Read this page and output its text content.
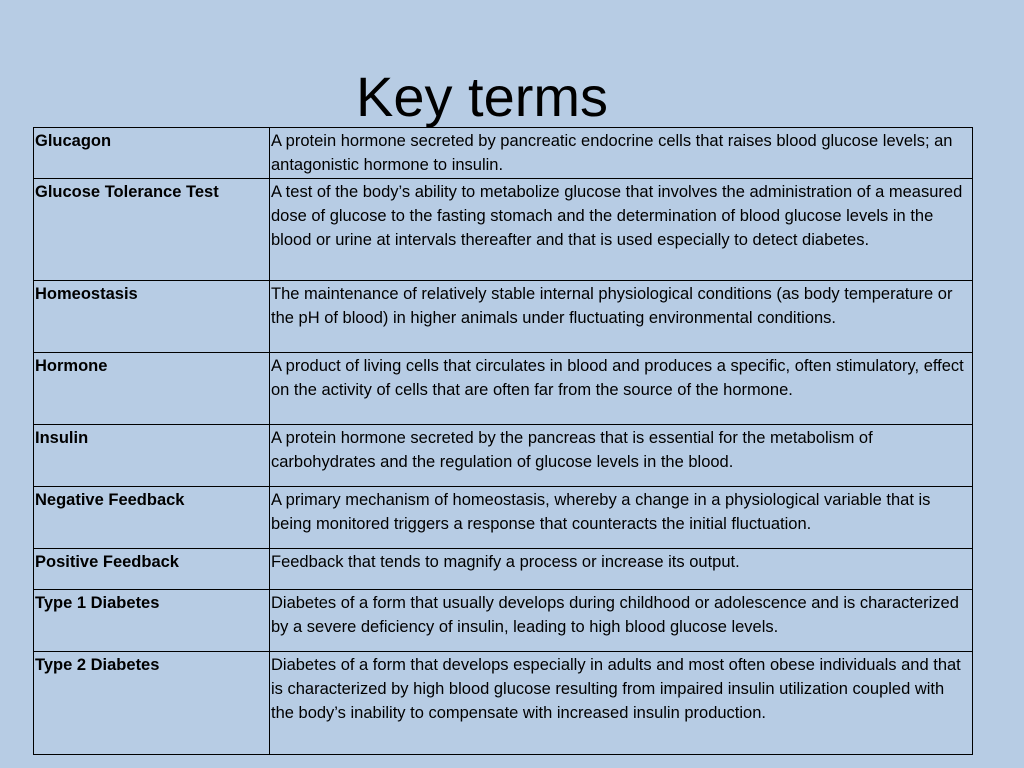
Key terms
Glucagon	A protein hormone secreted by pancreatic endocrine cells that raises blood glucose levels; an antagonistic hormone to insulin.
Glucose Tolerance Test	A test of the body’s ability to metabolize glucose that involves the administration of a measured dose of glucose to the fasting stomach and the determination of blood glucose levels in the blood or urine at intervals thereafter and that is used especially to detect diabetes.
Homeostasis	The maintenance of relatively stable internal physiological conditions (as body temperature or the pH of blood) in higher animals under fluctuating environmental conditions.
Hormone	A product of living cells that circulates in blood and produces a specific, often stimulatory, effect on the activity of cells that are often far from the source of the hormone.
Insulin	A protein hormone secreted by the pancreas that is essential for the metabolism of carbohydrates and the regulation of glucose levels in the blood.
Negative Feedback	A primary mechanism of homeostasis, whereby a change in a physiological variable that is being monitored triggers a response that counteracts the initial fluctuation.
Positive Feedback	Feedback that tends to magnify a process or increase its output.
Type 1 Diabetes	Diabetes of a form that usually develops during childhood or adolescence and is characterized by a severe deficiency of insulin, leading to high blood glucose levels.
Type 2 Diabetes	Diabetes of a form that develops especially in adults and most often obese individuals and that is characterized by high blood glucose resulting from impaired insulin utilization coupled with the body’s inability to compensate with increased insulin production.
